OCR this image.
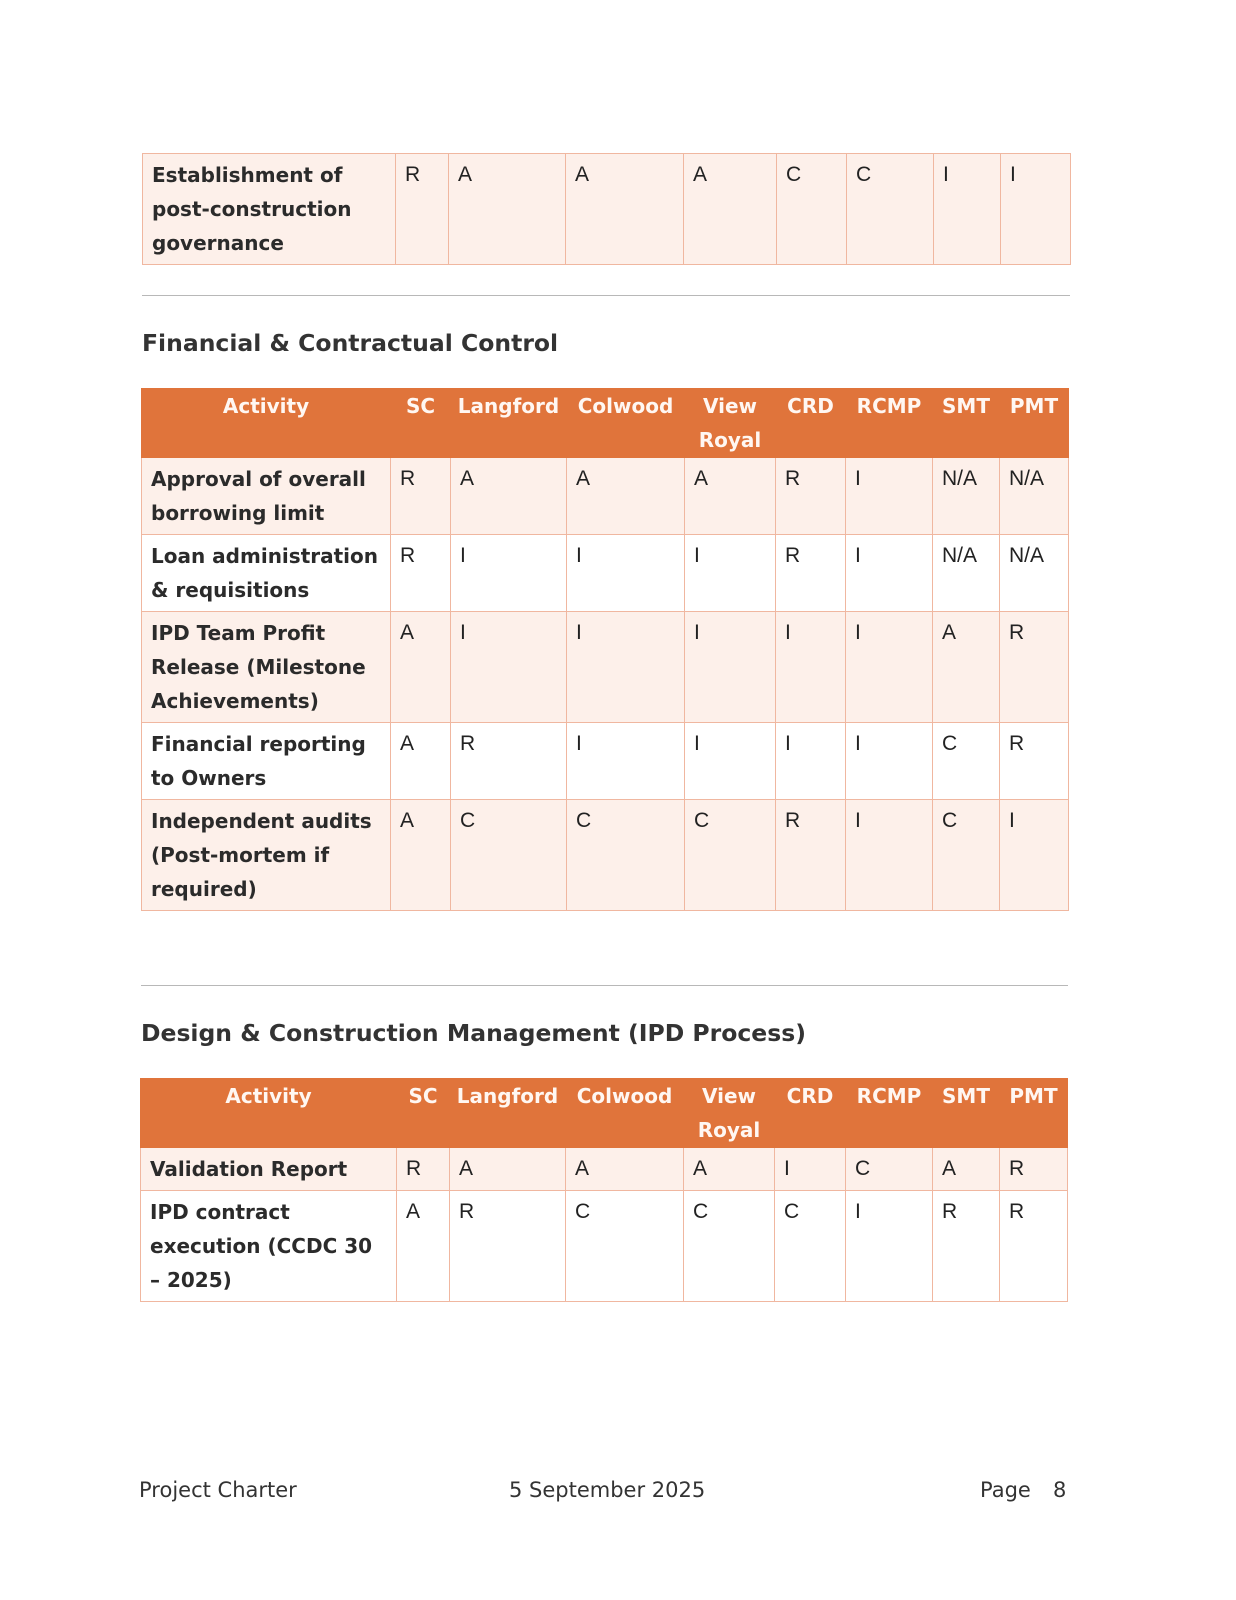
Establishment of post-construction governance	R	A	A	A	C	C	I	I
Financial & Contractual Control
Activity	SC	Langford	Colwood	View Royal	CRD	RCMP	SMT	PMT
Approval of overall borrowing limit	R	A	A	A	R	I	N/A	N/A
Loan administration & requisitions	R	I	I	I	R	I	N/A	N/A
IPD Team Profit Release (Milestone Achievements)	A	I	I	I	I	I	A	R
Financial reporting to Owners	A	R	I	I	I	I	C	R
Independent audits (Post-mortem if required)	A	C	C	C	R	I	C	I
Design & Construction Management (IPD Process)
Activity	SC	Langford	Colwood	View Royal	CRD	RCMP	SMT	PMT
Validation Report	R	A	A	A	I	C	A	R
IPD contract execution (CCDC 30 – 2025)	A	R	C	C	C	I	R	R
Project Charter	5 September 2025	Page 8
